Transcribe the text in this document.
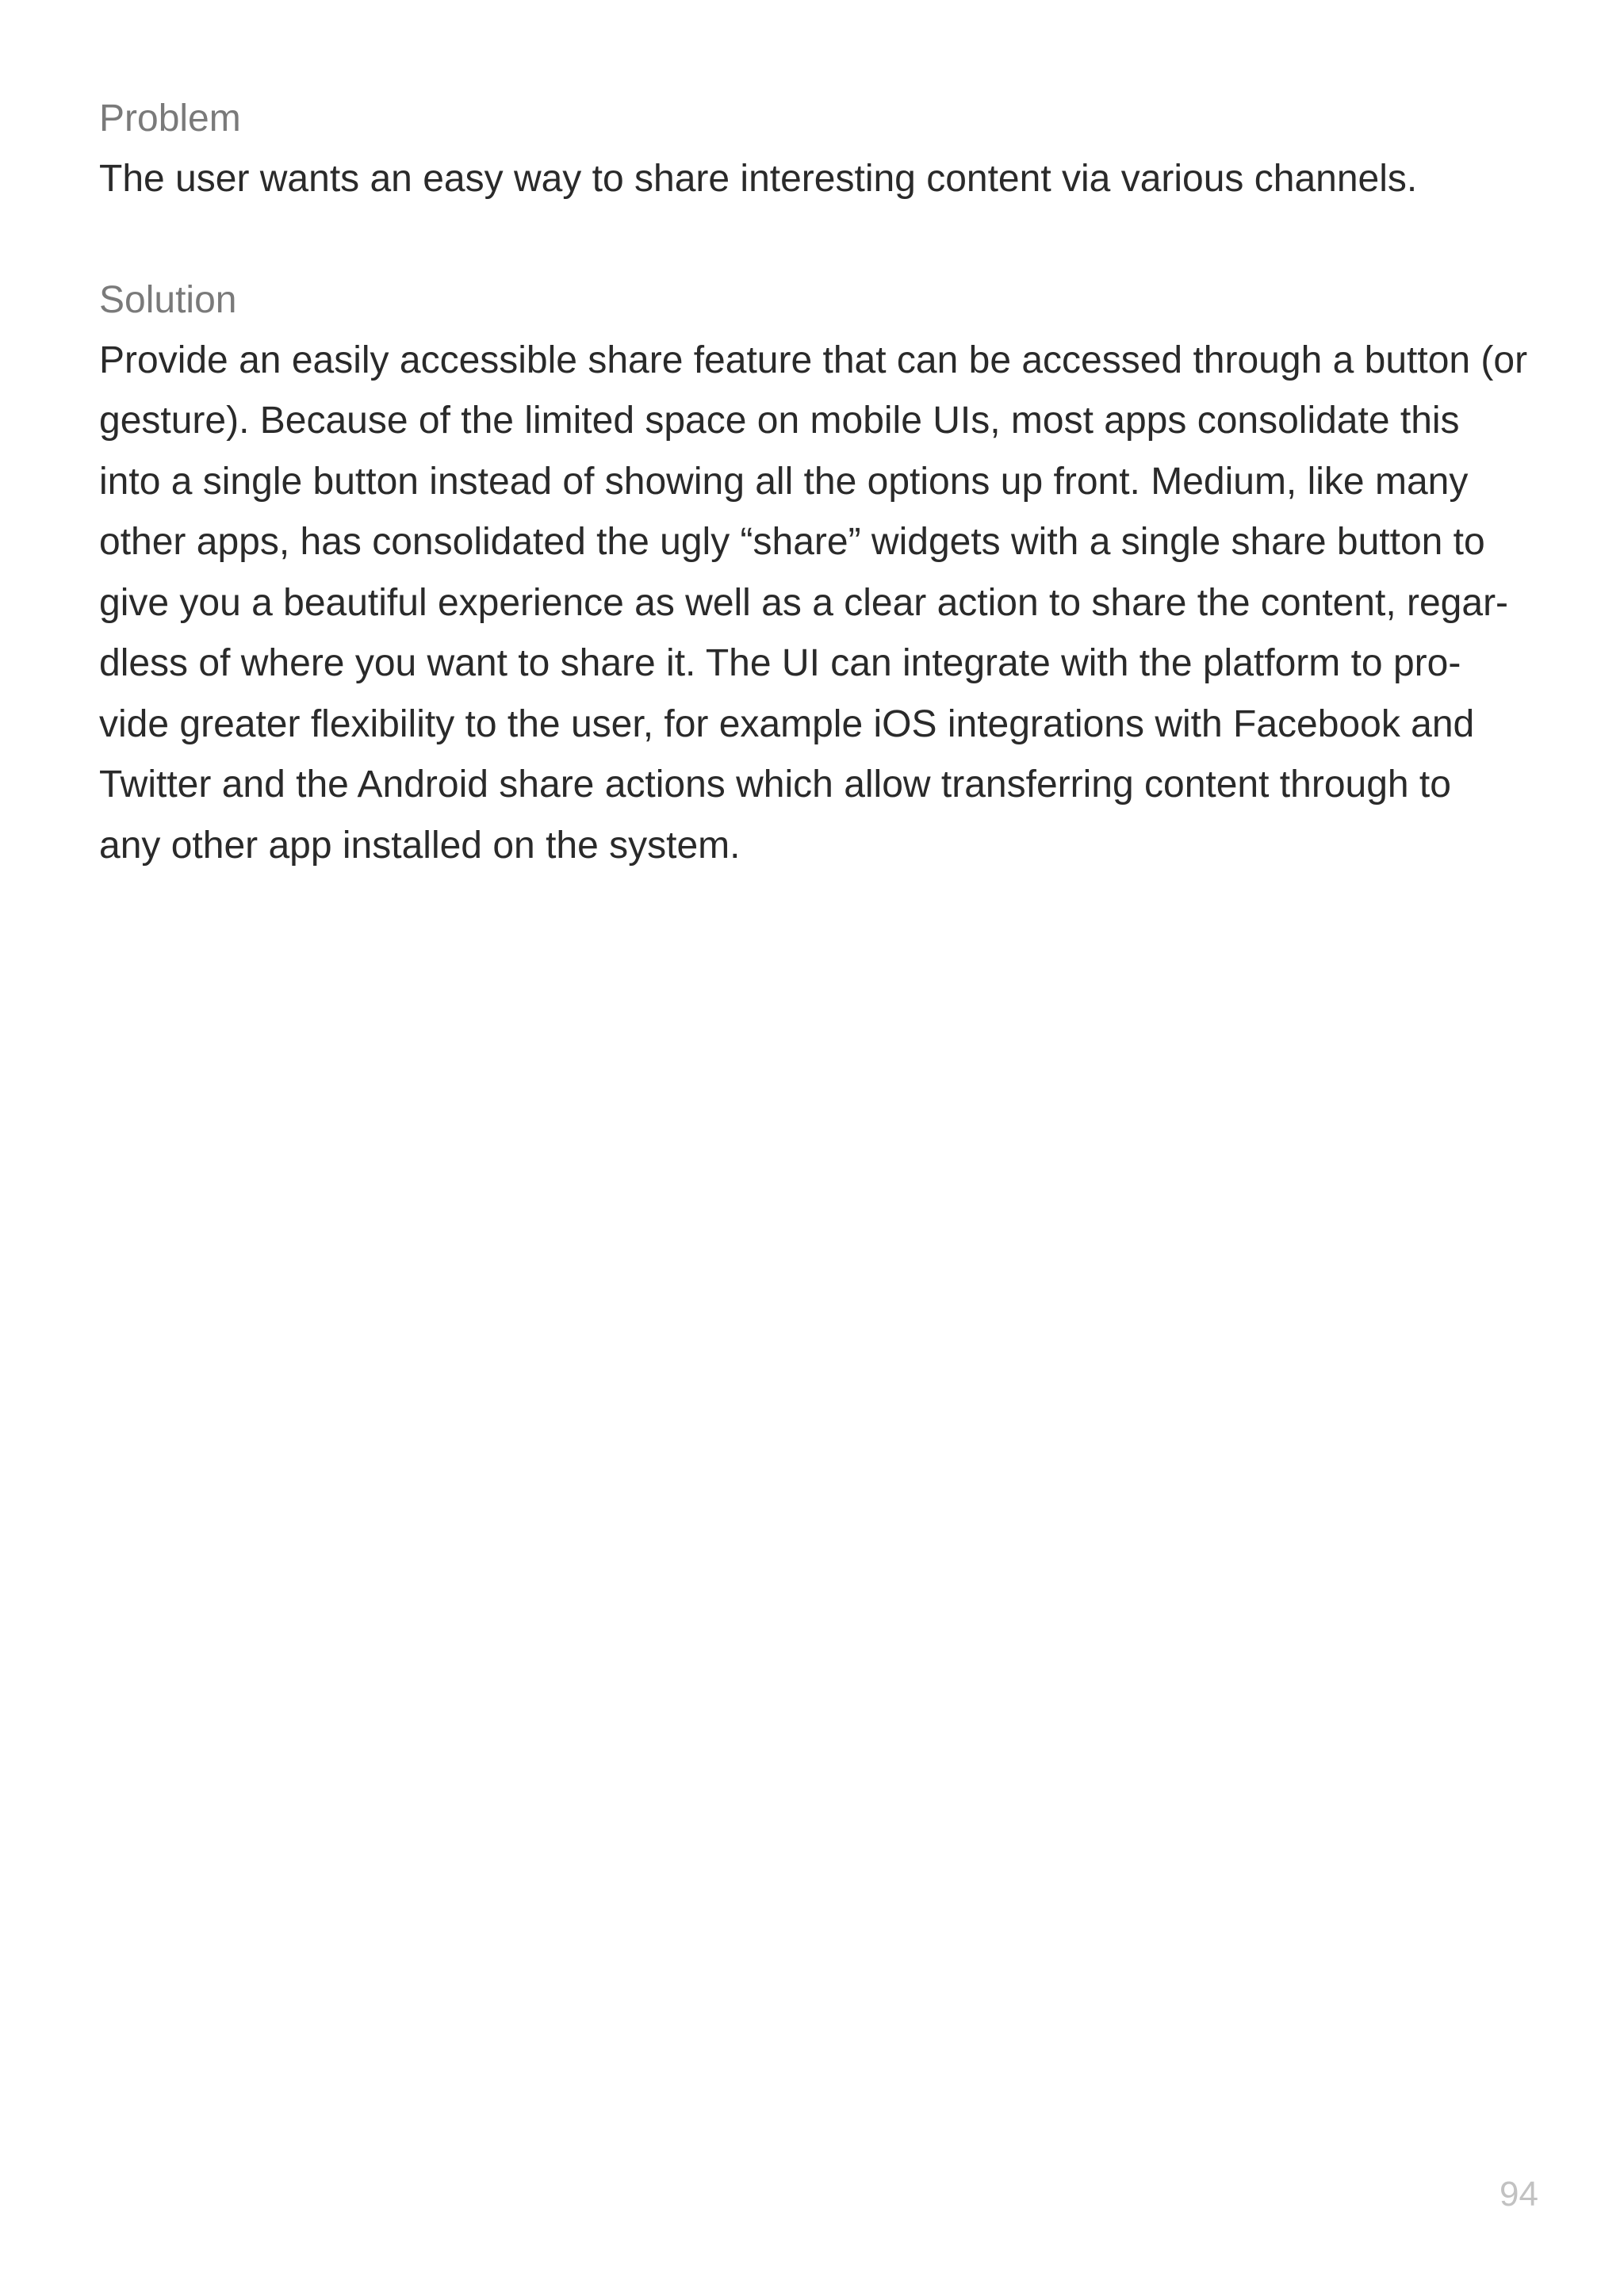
Problem

The user wants an easy way to share interesting content via various channels.

Solution

Provide an easily accessible share feature that can be accessed through a button (or
gesture). Because of the limited space on mobile UIs, most apps consolidate this
into a single button instead of showing all the options up front. Medium, like many
other apps, has consolidated the ugly “share” widgets with a single share button to
give you a beautiful experience as well as a clear action to share the content, regar-
dless of where you want to share it. The UI can integrate with the platform to pro-
vide greater flexibility to the user, for example iOS integrations with Facebook and
Twitter and the Android share actions which allow transferring content through to
any other app installed on the system.

94
